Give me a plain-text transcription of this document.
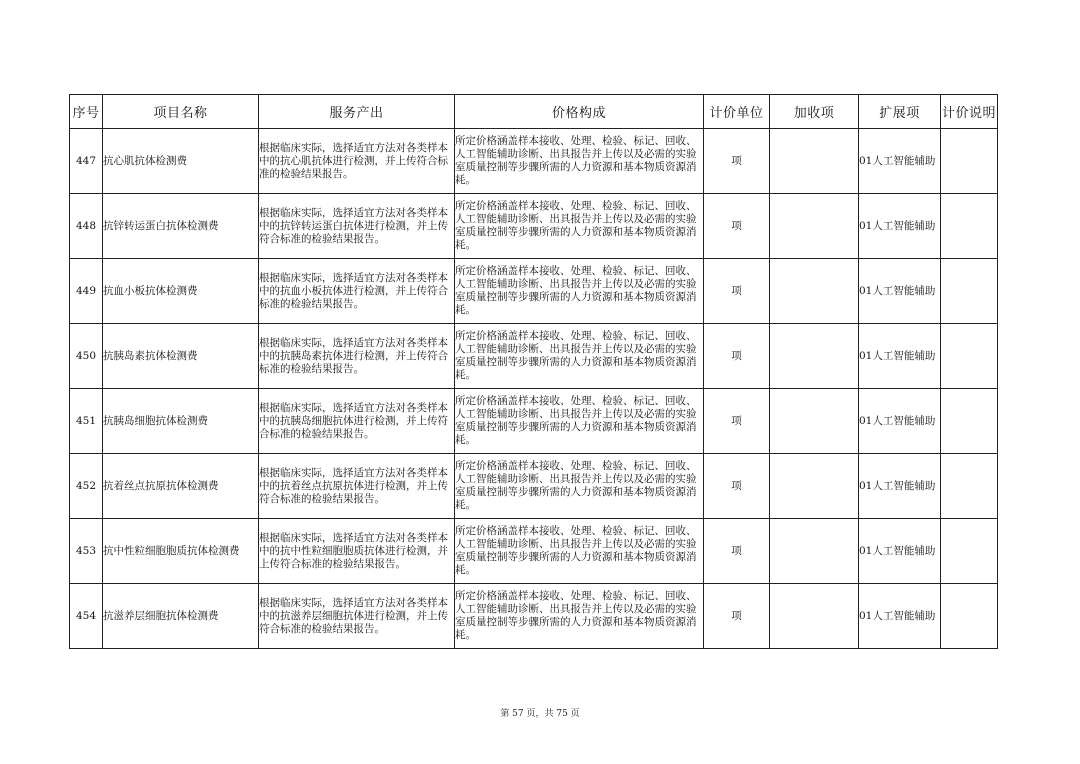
序号	项目名称	服务产出	价格构成	计价单位	加收项	扩展项	计价说明
447	抗心肌抗体检测费	根据临床实际，选择适宜方法对各类样本中的抗心肌抗体进行检测，并上传符合标准的检验结果报告。	所定价格涵盖样本接收、处理、检验、标记、回收、人工智能辅助诊断、出具报告并上传以及必需的实验室质量控制等步骤所需的人力资源和基本物质资源消耗。	项		01人工智能辅助	
448	抗锌转运蛋白抗体检测费	根据临床实际，选择适宜方法对各类样本中的抗锌转运蛋白抗体进行检测，并上传符合标准的检验结果报告。	所定价格涵盖样本接收、处理、检验、标记、回收、人工智能辅助诊断、出具报告并上传以及必需的实验室质量控制等步骤所需的人力资源和基本物质资源消耗。	项		01人工智能辅助	
449	抗血小板抗体检测费	根据临床实际，选择适宜方法对各类样本中的抗血小板抗体进行检测，并上传符合标准的检验结果报告。	所定价格涵盖样本接收、处理、检验、标记、回收、人工智能辅助诊断、出具报告并上传以及必需的实验室质量控制等步骤所需的人力资源和基本物质资源消耗。	项		01人工智能辅助	
450	抗胰岛素抗体检测费	根据临床实际，选择适宜方法对各类样本中的抗胰岛素抗体进行检测，并上传符合标准的检验结果报告。	所定价格涵盖样本接收、处理、检验、标记、回收、人工智能辅助诊断、出具报告并上传以及必需的实验室质量控制等步骤所需的人力资源和基本物质资源消耗。	项		01人工智能辅助	
451	抗胰岛细胞抗体检测费	根据临床实际，选择适宜方法对各类样本中的抗胰岛细胞抗体进行检测，并上传符合标准的检验结果报告。	所定价格涵盖样本接收、处理、检验、标记、回收、人工智能辅助诊断、出具报告并上传以及必需的实验室质量控制等步骤所需的人力资源和基本物质资源消耗。	项		01人工智能辅助	
452	抗着丝点抗原抗体检测费	根据临床实际，选择适宜方法对各类样本中的抗着丝点抗原抗体进行检测，并上传符合标准的检验结果报告。	所定价格涵盖样本接收、处理、检验、标记、回收、人工智能辅助诊断、出具报告并上传以及必需的实验室质量控制等步骤所需的人力资源和基本物质资源消耗。	项		01人工智能辅助	
453	抗中性粒细胞胞质抗体检测费	根据临床实际，选择适宜方法对各类样本中的抗中性粒细胞胞质抗体进行检测，并上传符合标准的检验结果报告。	所定价格涵盖样本接收、处理、检验、标记、回收、人工智能辅助诊断、出具报告并上传以及必需的实验室质量控制等步骤所需的人力资源和基本物质资源消耗。	项		01人工智能辅助	
454	抗滋养层细胞抗体检测费	根据临床实际，选择适宜方法对各类样本中的抗滋养层细胞抗体进行检测，并上传符合标准的检验结果报告。	所定价格涵盖样本接收、处理、检验、标记、回收、人工智能辅助诊断、出具报告并上传以及必需的实验室质量控制等步骤所需的人力资源和基本物质资源消耗。	项		01人工智能辅助	
第 57 页，共 75 页
